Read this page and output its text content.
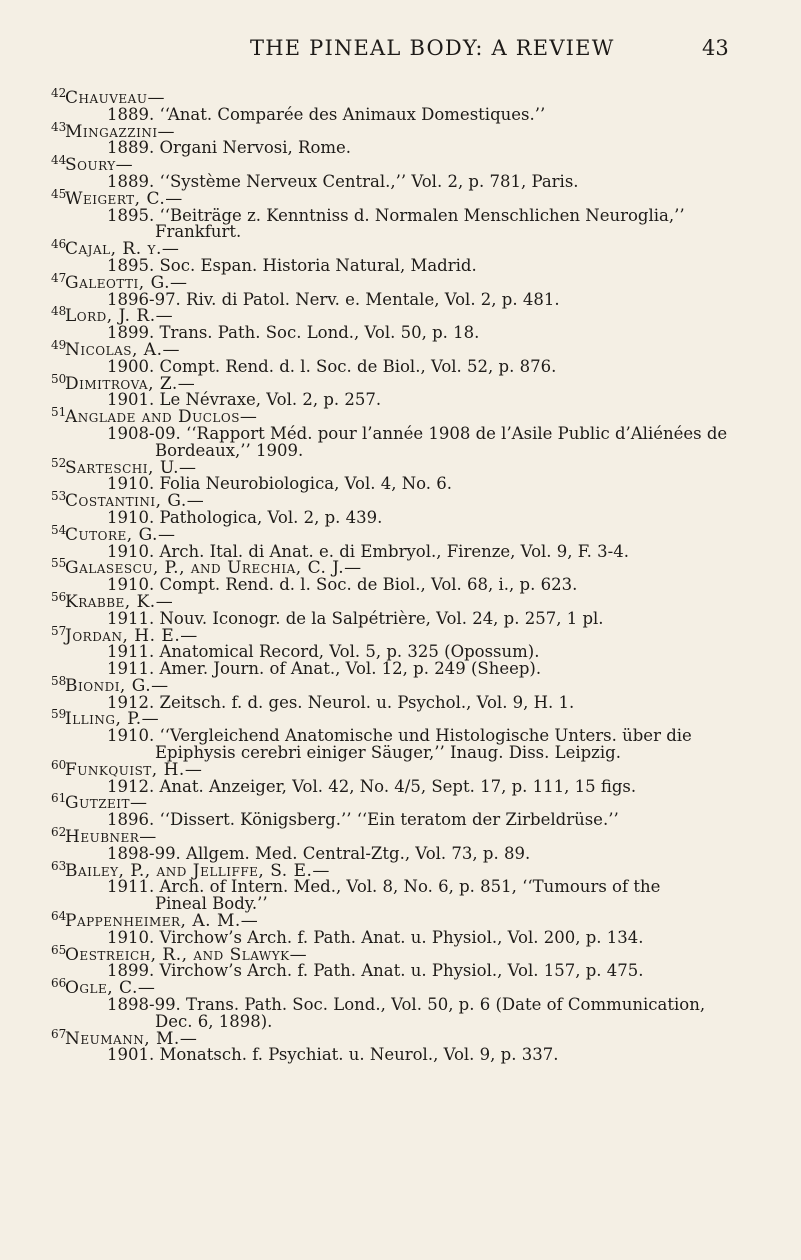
THE PINEAL BODY: A REVIEW	43
42
Chauveau—
1889. ‘‘Anat. Comparée des Animaux Domestiques.’’
43
Mingazzini—
1889. Organi Nervosi, Rome.
44
Soury—
1889. ‘‘Système Nerveux Central.,’’ Vol. 2, p. 781, Paris.
45
Weigert, C.—
1895. ‘‘Beiträge z. Kenntniss d. Normalen Menschlichen Neuroglia,’’
Frankfurt.
46
Cajal, R. y.—
1895. Soc. Espan. Historia Natural, Madrid.
47
Galeotti, G.—
1896-97. Riv. di Patol. Nerv. e. Mentale, Vol. 2, p. 481.
48
Lord, J. R.—
1899. Trans. Path. Soc. Lond., Vol. 50, p. 18.
49
Nicolas, A.—
1900. Compt. Rend. d. l. Soc. de Biol., Vol. 52, p. 876.
50
Dimitrova, Z.—
1901. Le Névraxe, Vol. 2, p. 257.
51
Anglade and Ducl‌os—
1908-09. ‘‘Rapport Méd. pour l’année 1908 de l’Asile Public d’Aliénées de
Bordeaux,’’ 1909.
52
Sarteschi, U.—
1910. Folia Neurobiologica, Vol. 4, No. 6.
53
Costantini, G.—
1910. Pathologica, Vol. 2, p. 439.
54
Cutore, G.—
1910. Arch. Ital. di Anat. e. di Embryol., Firenze, Vol. 9, F. 3-4.
55
Galasescu, P., and Urechia, C. J.—
1910. Compt. Rend. d. l. Soc. de Biol., Vol. 68, i., p. 623.
56
Krabbe, K.—
1911. Nouv. Iconogr. de la Salpétrière, Vol. 24, p. 257, 1 pl.
57
Jordan, H. E.—
1911. Anatomical Record, Vol. 5, p. 325 (Opossum).
1911. Amer. Journ. of Anat., Vol. 12, p. 249 (Sheep).
58
Biondi, G.—
1912. Zeitsch. f. d. ges. Neurol. u. Psychol., Vol. 9, H. 1.
59
Illing, P.—
1910. ‘‘Vergleichend Anatomische und Histologische Unters. über die
Epiphysis cerebri einiger Säuger,’’ Inaug. Diss. Leipzig.
60
Funkquist, H.—
1912. Anat. Anzeiger, Vol. 42, No. 4/5, Sept. 17, p. 111, 15 figs.
61
Gutzeit—
1896. ‘‘Dissert. Königsberg.’’ ‘‘Ein teratom der Zirbeldrüse.’’
62
Heubner—
1898-99. Allgem. Med. Central-Ztg., Vol. 73, p. 89.
63
Bailey, P., and Jelliffe, S. E.—
1911. Arch. of Intern. Med., Vol. 8, No. 6, p. 851, ‘‘Tumours of the
Pineal Body.’’
64
Pappenheimer, A. M.—
1910. Virchow’s Arch. f. Path. Anat. u. Physiol., Vol. 200, p. 134.
65
Oestreich, R., and Slawyk—
1899. Virchow’s Arch. f. Path. Anat. u. Physiol., Vol. 157, p. 475.
66
Ogle, C.—
1898-99. Trans. Path. Soc. Lond., Vol. 50, p. 6 (Date of Communication,
Dec. 6, 1898).
67
Neumann, M.—
1901. Monatsch. f. Psychiat. u. Neurol., Vol. 9, p. 337.
